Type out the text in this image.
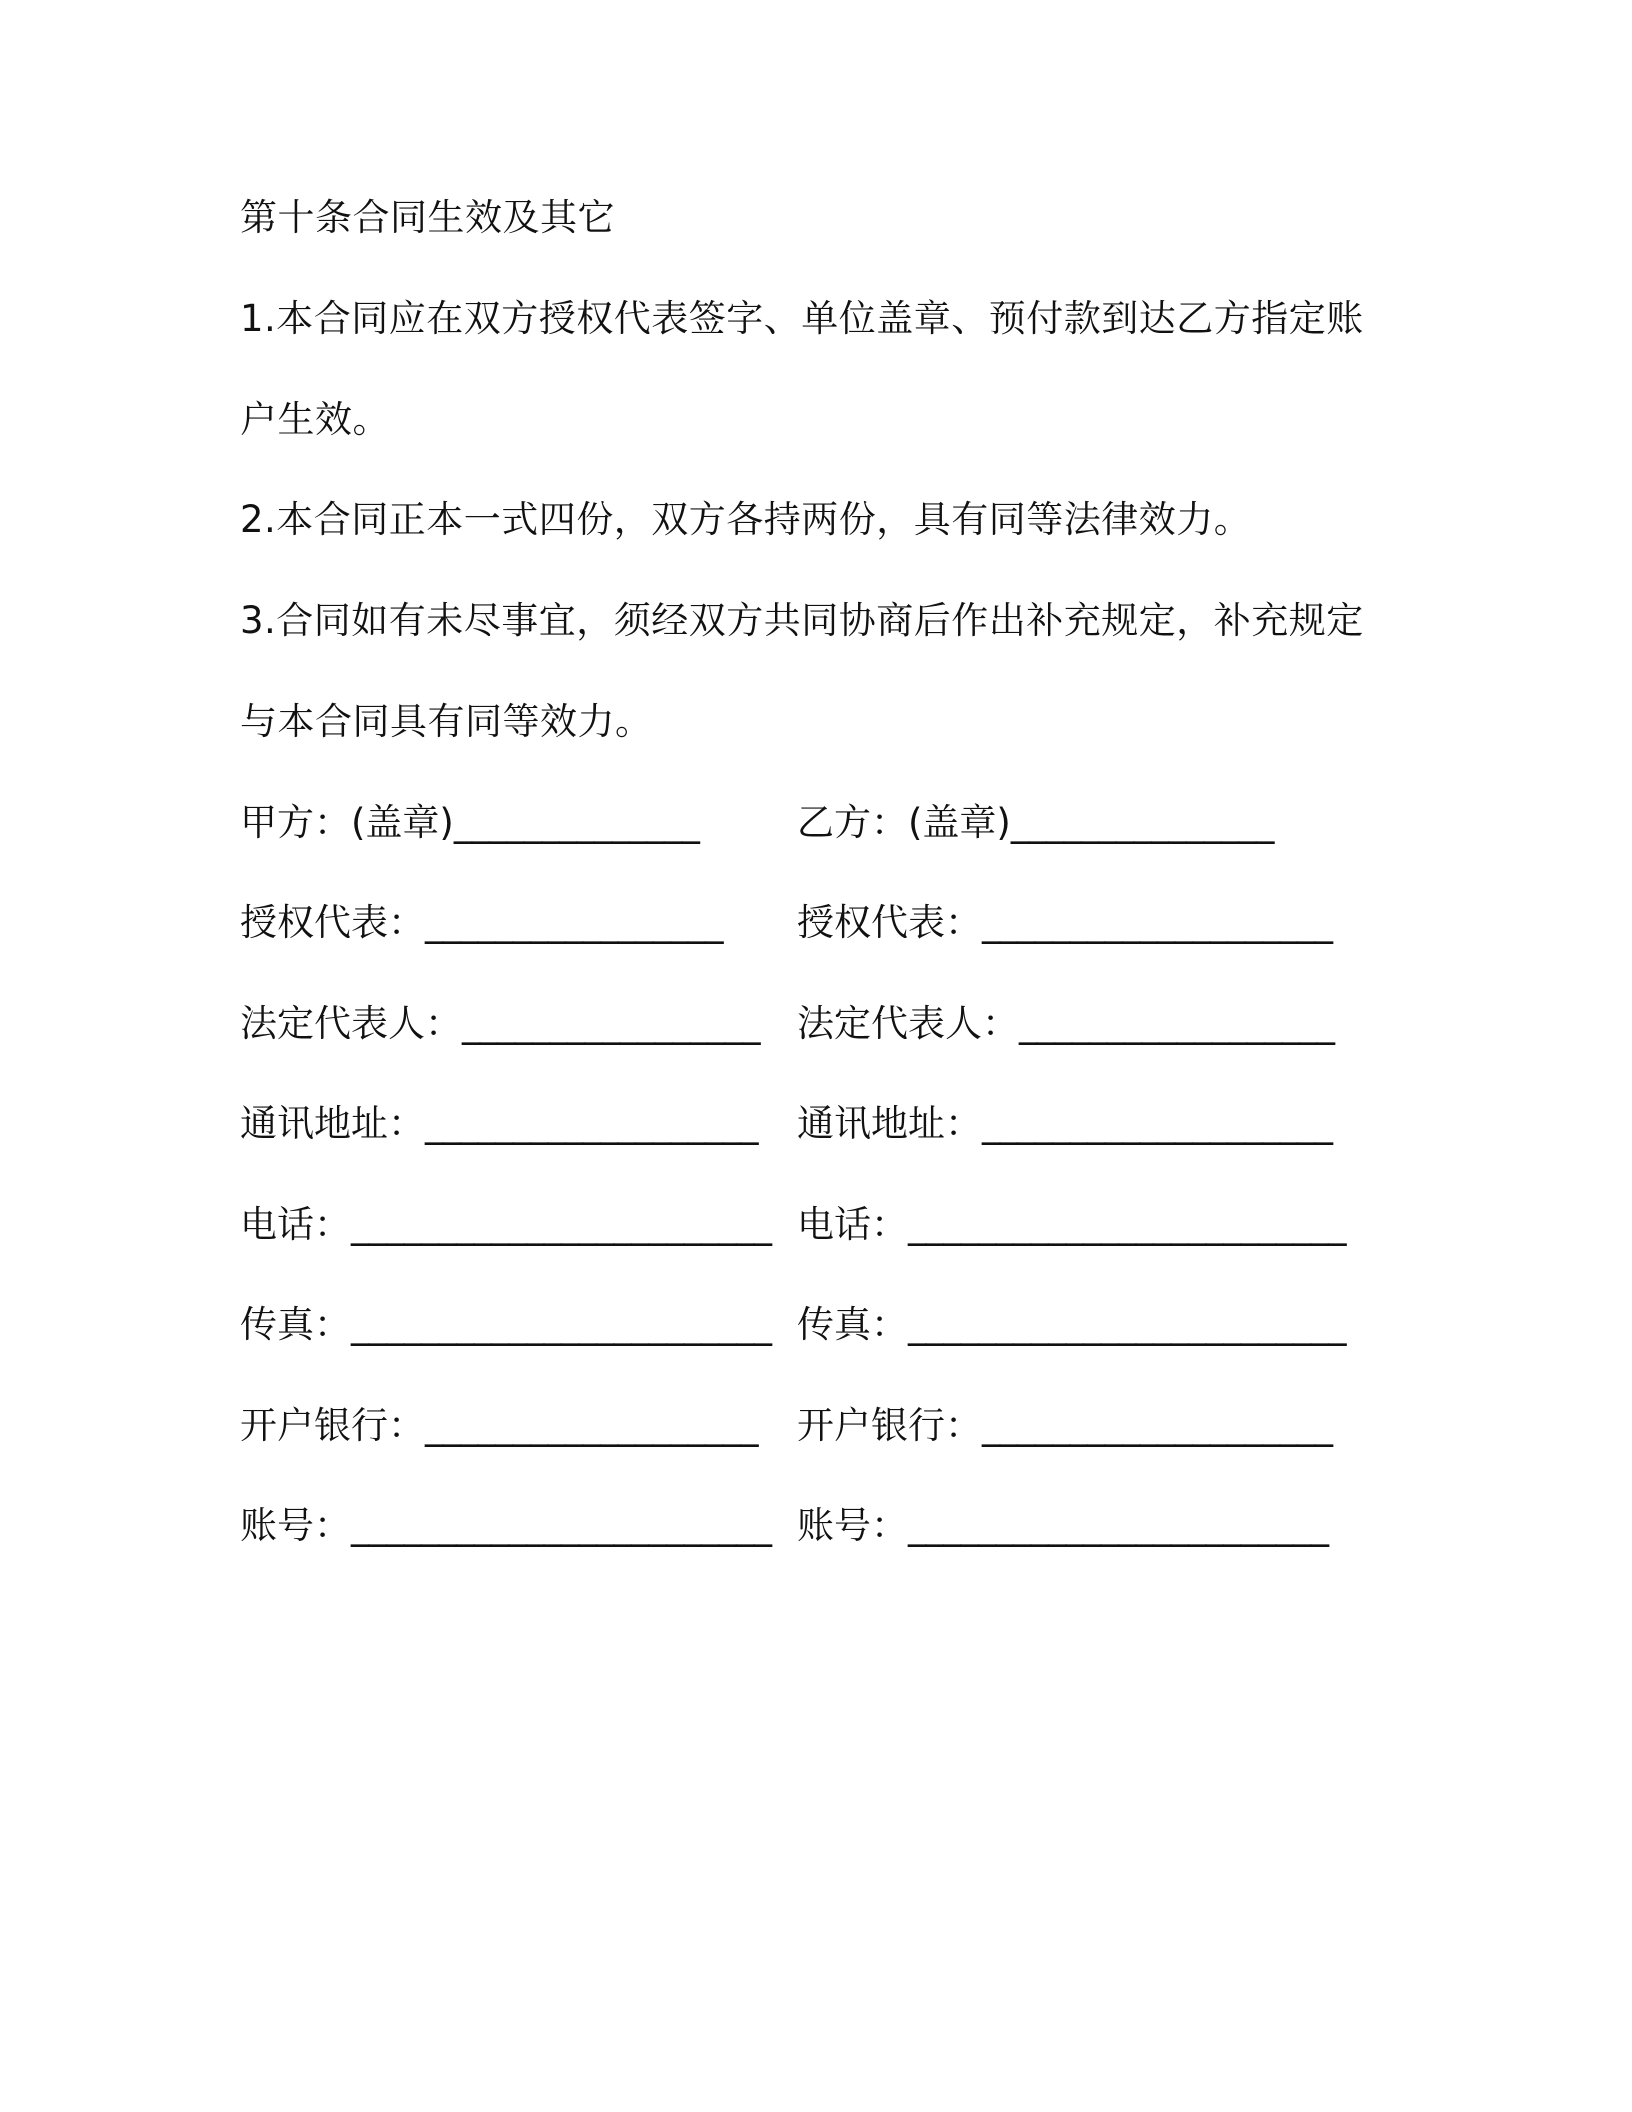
第十条合同生效及其它
1.本合同应在双方授权代表签字、单位盖章、预付款到达乙方指定账
户生效。
2.本合同正本一式四份，双方各持两份，具有同等法律效力。
3.合同如有未尽事宜，须经双方共同协商后作出补充规定，补充规定
与本合同具有同等效力。
甲方：(盖章)______________	乙方：(盖章)_______________
授权代表：_________________ 授权代表：____________________
法定代表人：_________________ 法定代表人：__________________
通讯地址：___________________ 通讯地址：____________________
电话：________________________ 电话：_________________________
传真：________________________ 传真：_________________________
开户银行：___________________ 开户银行：____________________
账号：________________________ 账号：________________________
